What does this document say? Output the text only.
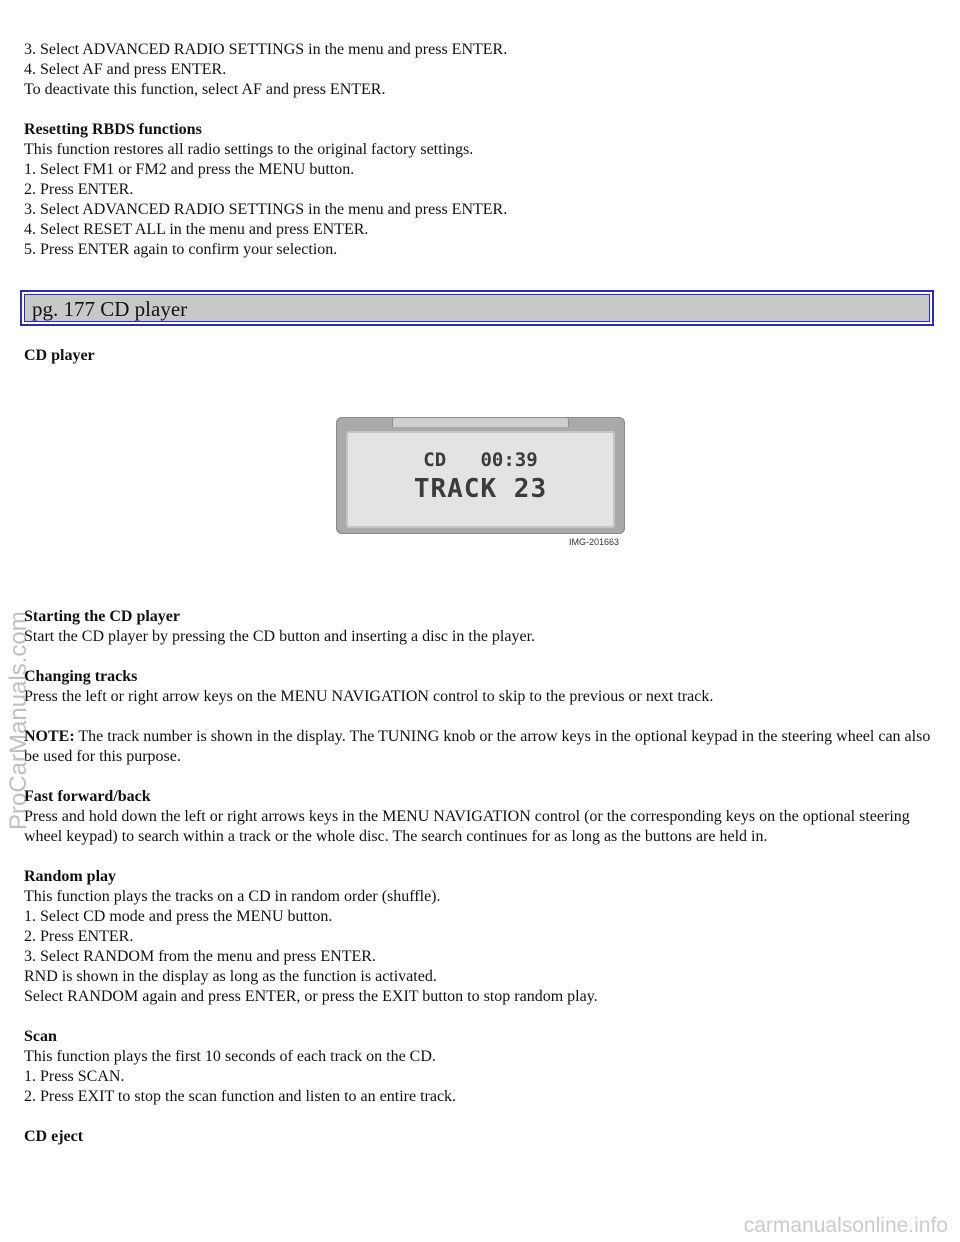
3. Select ADVANCED RADIO SETTINGS in the menu and press ENTER.

4. Select AF and press ENTER.

To deactivate this function, select AF and press ENTER.

Resetting RBDS functions

This function restores all radio settings to the original factory settings.

1. Select FM1 or FM2 and press the MENU button.

2. Press ENTER.

3. Select ADVANCED RADIO SETTINGS in the menu and press ENTER.

4. Select RESET ALL in the menu and press ENTER.

5. Press ENTER again to confirm your selection.

pg. 177 CD player

CD player

Starting the CD player

Start the CD player by pressing the CD button and inserting a disc in the player.

Changing tracks

Press the left or right arrow keys on the MENU NAVIGATION control to skip to the previous or next track.

NOTE: The track number is shown in the display. The TUNING knob or the arrow keys in the optional keypad in the steering wheel can also be used for this purpose.

Fast forward/back

Press and hold down the left or right arrows keys in the MENU NAVIGATION control (or the corresponding keys on the optional steering wheel keypad) to search within a track or the whole disc. The search continues for as long as the buttons are held in.

Random play

This function plays the tracks on a CD in random order (shuffle).

1. Select CD mode and press the MENU button.

2. Press ENTER.

3. Select RANDOM from the menu and press ENTER.

RND is shown in the display as long as the function is activated.

Select RANDOM again and press ENTER, or press the EXIT button to stop random play.

Scan

This function plays the first 10 seconds of each track on the CD.

1. Press SCAN.

2. Press EXIT to stop the scan function and listen to an entire track.

CD eject

CD   00:39
TRACK 23
IMG-201663
ProCarManuals.com
carmanualsonline.info
